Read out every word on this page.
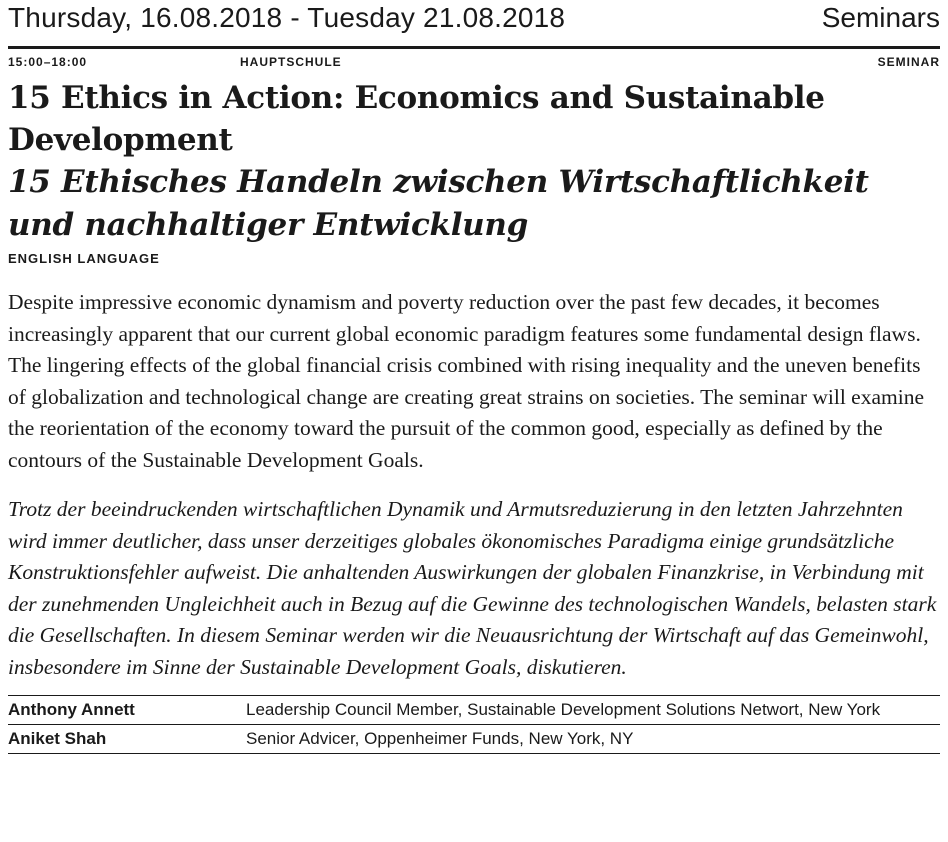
Thursday, 16.08.2018 - Tuesday 21.08.2018	Seminars
15:00–18:00	HAUPTSCHULE	SEMINAR
15 Ethics in Action: Economics and Sustainable Development
15 Ethisches Handeln zwischen Wirtschaftlichkeit und nachhaltiger Entwicklung
ENGLISH LANGUAGE

Despite impressive economic dynamism and poverty reduction over the past few decades, it becomes increasingly apparent that our current global economic paradigm features some fundamental design flaws. The lingering effects of the global financial crisis combined with rising inequality and the uneven benefits of globalization and technological change are creating great strains on societies. The seminar will examine the reorientation of the economy toward the pursuit of the common good, especially as defined by the contours of the Sustainable Development Goals.

Trotz der beeindruckenden wirtschaftlichen Dynamik und Armutsreduzierung in den letzten Jahrzehnten wird immer deutlicher, dass unser derzeitiges globales ökonomisches Paradigma einige grundsätzliche Konstruktionsfehler aufweist. Die anhaltenden Auswirkungen der globalen Finanzkrise, in Verbindung mit der zunehmenden Ungleichheit auch in Bezug auf die Gewinne des technologischen Wandels, belasten stark die Gesellschaften. In diesem Seminar werden wir die Neuausrichtung der Wirtschaft auf das Gemeinwohl, insbesondere im Sinne der Sustainable Development Goals, diskutieren.

Anthony Annett	Leadership Council Member, Sustainable Development Solutions Networt, New York
Aniket Shah	Senior Advicer, Oppenheimer Funds, New York, NY
